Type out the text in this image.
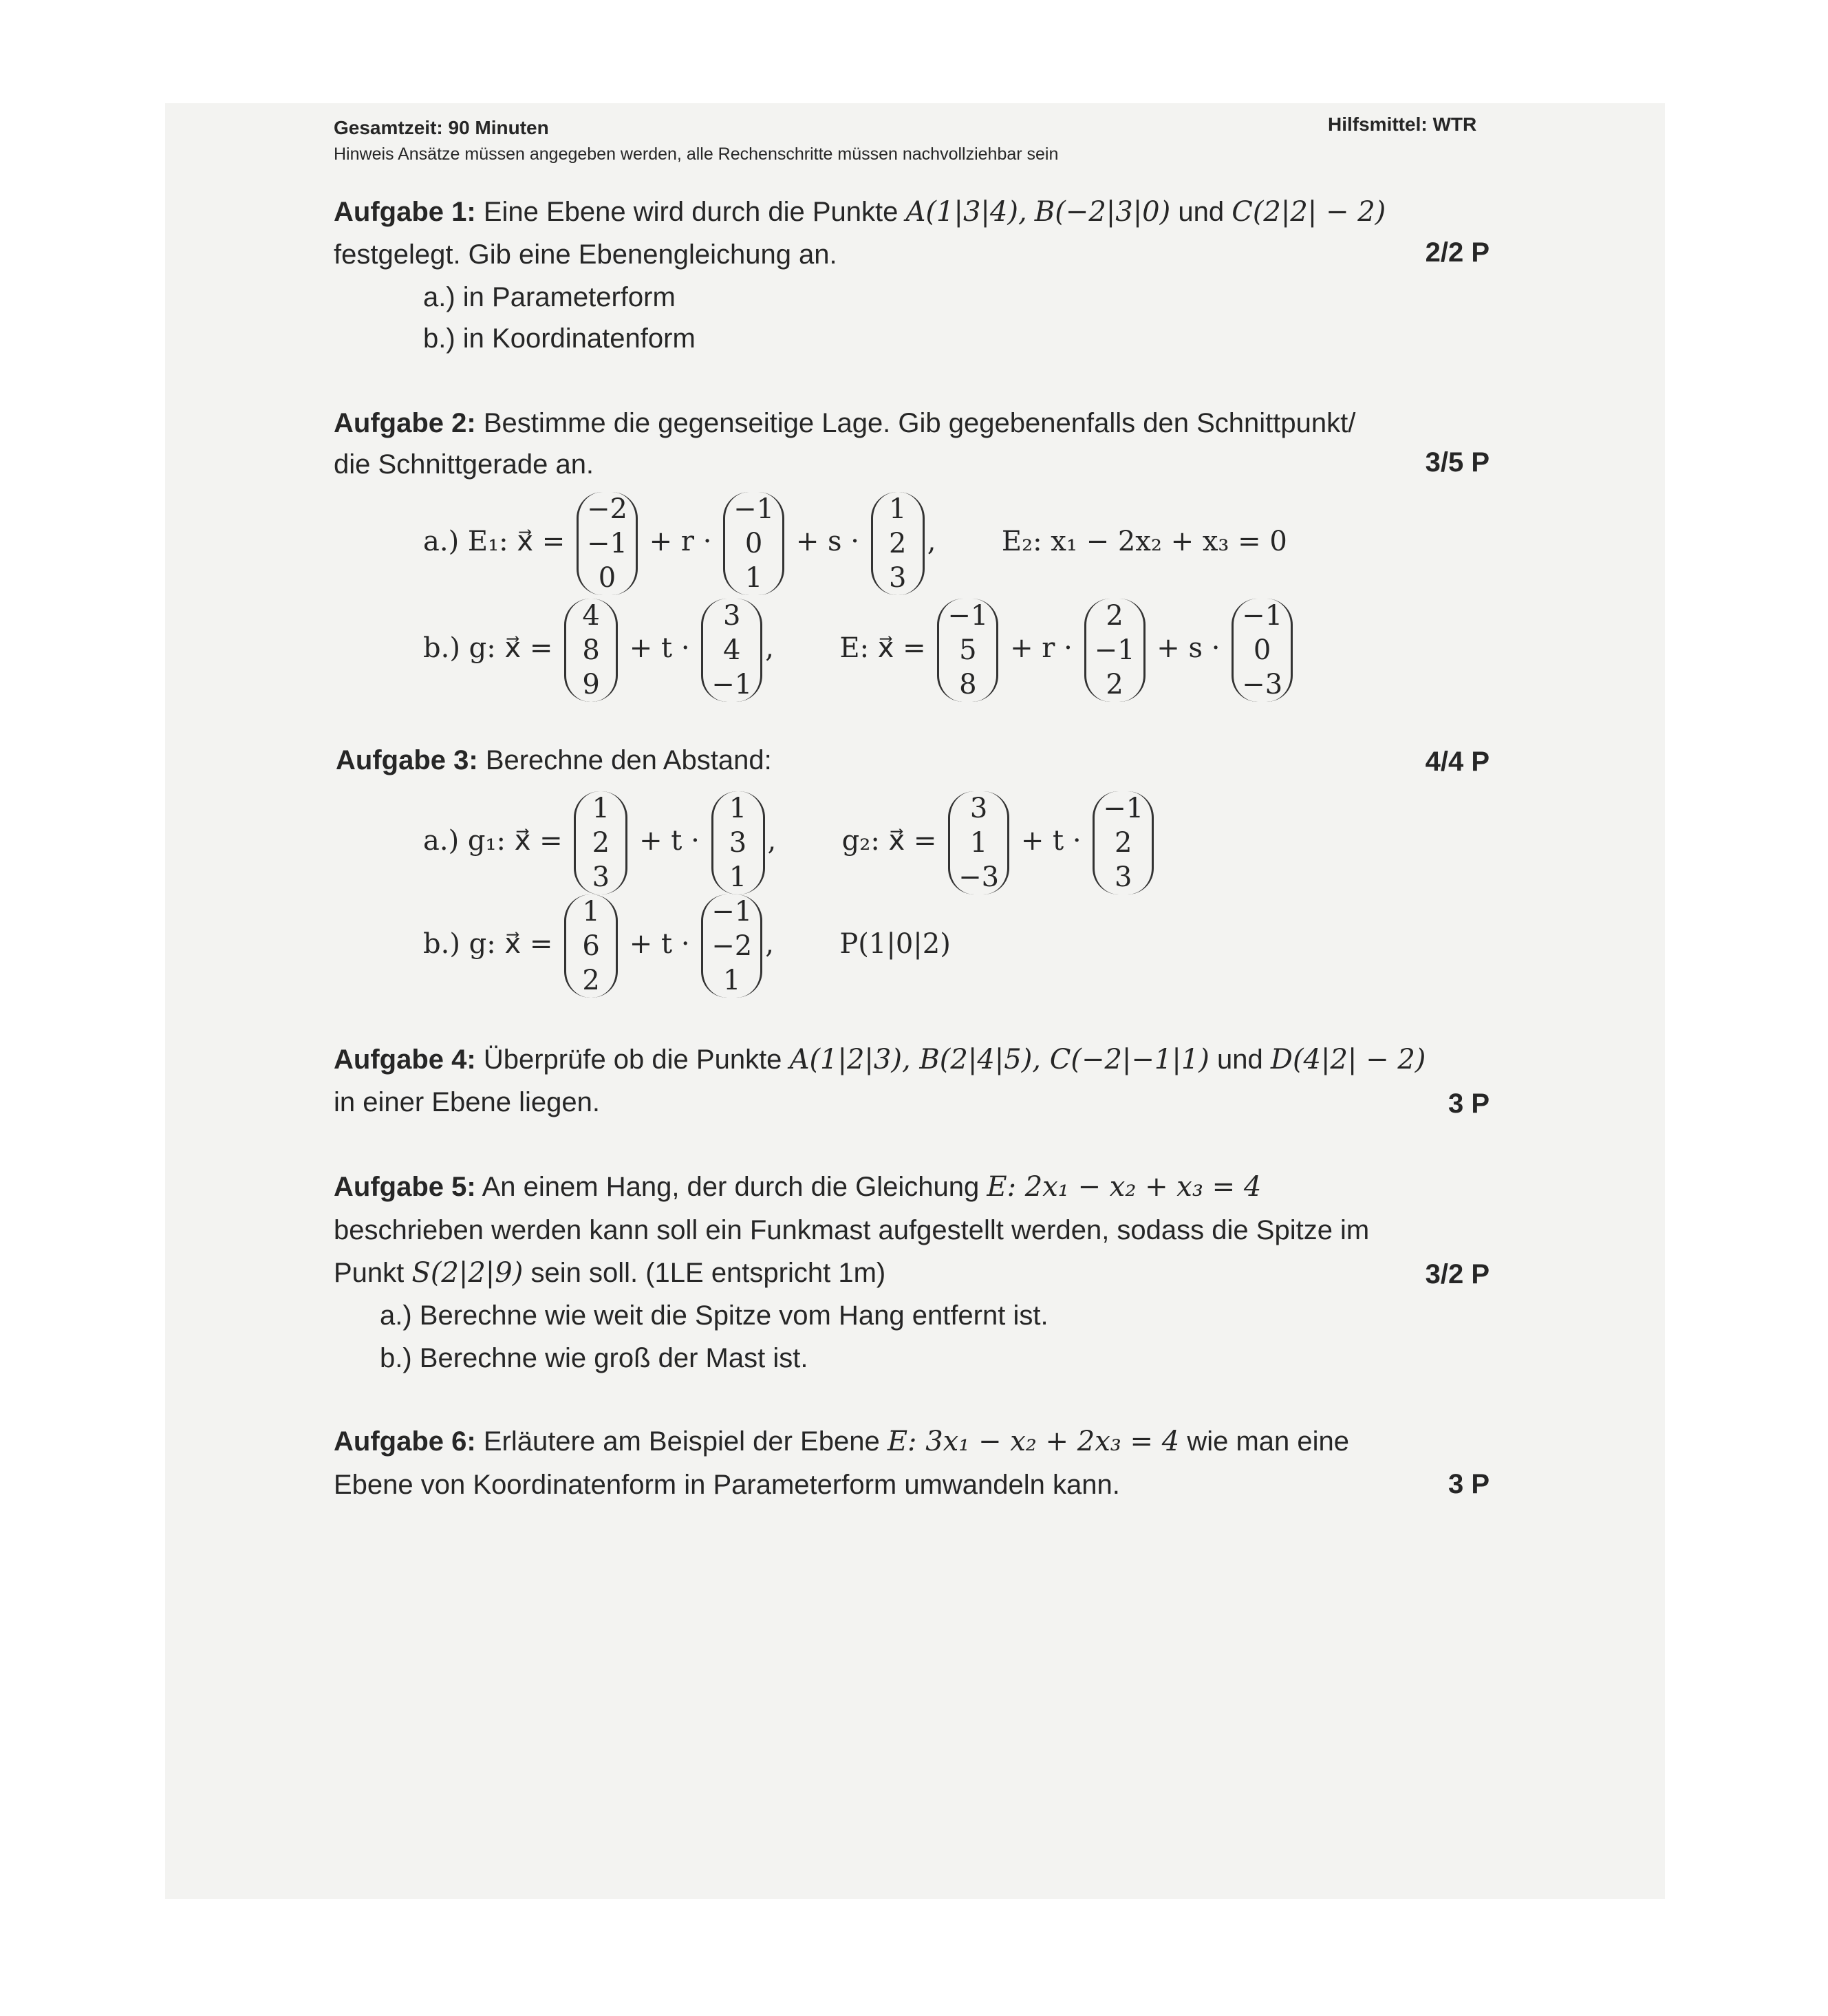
Gesamtzeit: 90 Minuten	Hilfsmittel: WTR
Hinweis Ansätze müssen angegeben werden, alle Rechenschritte müssen nachvollziehbar sein
Aufgabe 1: Eine Ebene wird durch die Punkte A(1|3|4), B(−2|3|0) und C(2|2| − 2)
festgelegt. Gib eine Ebenengleichung an.	2/2 P
a.) in Parameterform
b.) in Koordinatenform
Aufgabe 2: Bestimme die gegenseitige Lage. Gib gegebenenfalls den Schnittpunkt/
die Schnittgerade an.	3/5 P
a.) E₁: x⃗ =
−2
−1
0
+ r ·
−1
0
1
+ s ·
1
2
3
, E₂: x₁ − 2x₂ + x₃ = 0
b.) g: x⃗ =
4
8
9
+ t ·
3
4
−1
, E: x⃗ =
−1
5
8
+ r ·
2
−1
2
+ s ·
−1
0
−3
Aufgabe 3: Berechne den Abstand:	4/4 P
a.) g₁: x⃗ =
1
2
3
+ t ·
1
3
1
, g₂: x⃗ =
3
1
−3
+ t ·
−1
2
3
b.) g: x⃗ =
1
6
2
+ t ·
−1
−2
1
, P(1|0|2)
Aufgabe 4: Überprüfe ob die Punkte A(1|2|3), B(2|4|5), C(−2|−1|1) und D(4|2| − 2)
in einer Ebene liegen.	3 P
Aufgabe 5: An einem Hang, der durch die Gleichung E: 2x₁ − x₂ + x₃ = 4
beschrieben werden kann soll ein Funkmast aufgestellt werden, sodass die Spitze im
Punkt S(2|2|9) sein soll. (1LE entspricht 1m)	3/2 P
a.) Berechne wie weit die Spitze vom Hang entfernt ist.
b.) Berechne wie groß der Mast ist.
Aufgabe 6: Erläutere am Beispiel der Ebene E: 3x₁ − x₂ + 2x₃ = 4 wie man eine
Ebene von Koordinatenform in Parameterform umwandeln kann.	3 P
